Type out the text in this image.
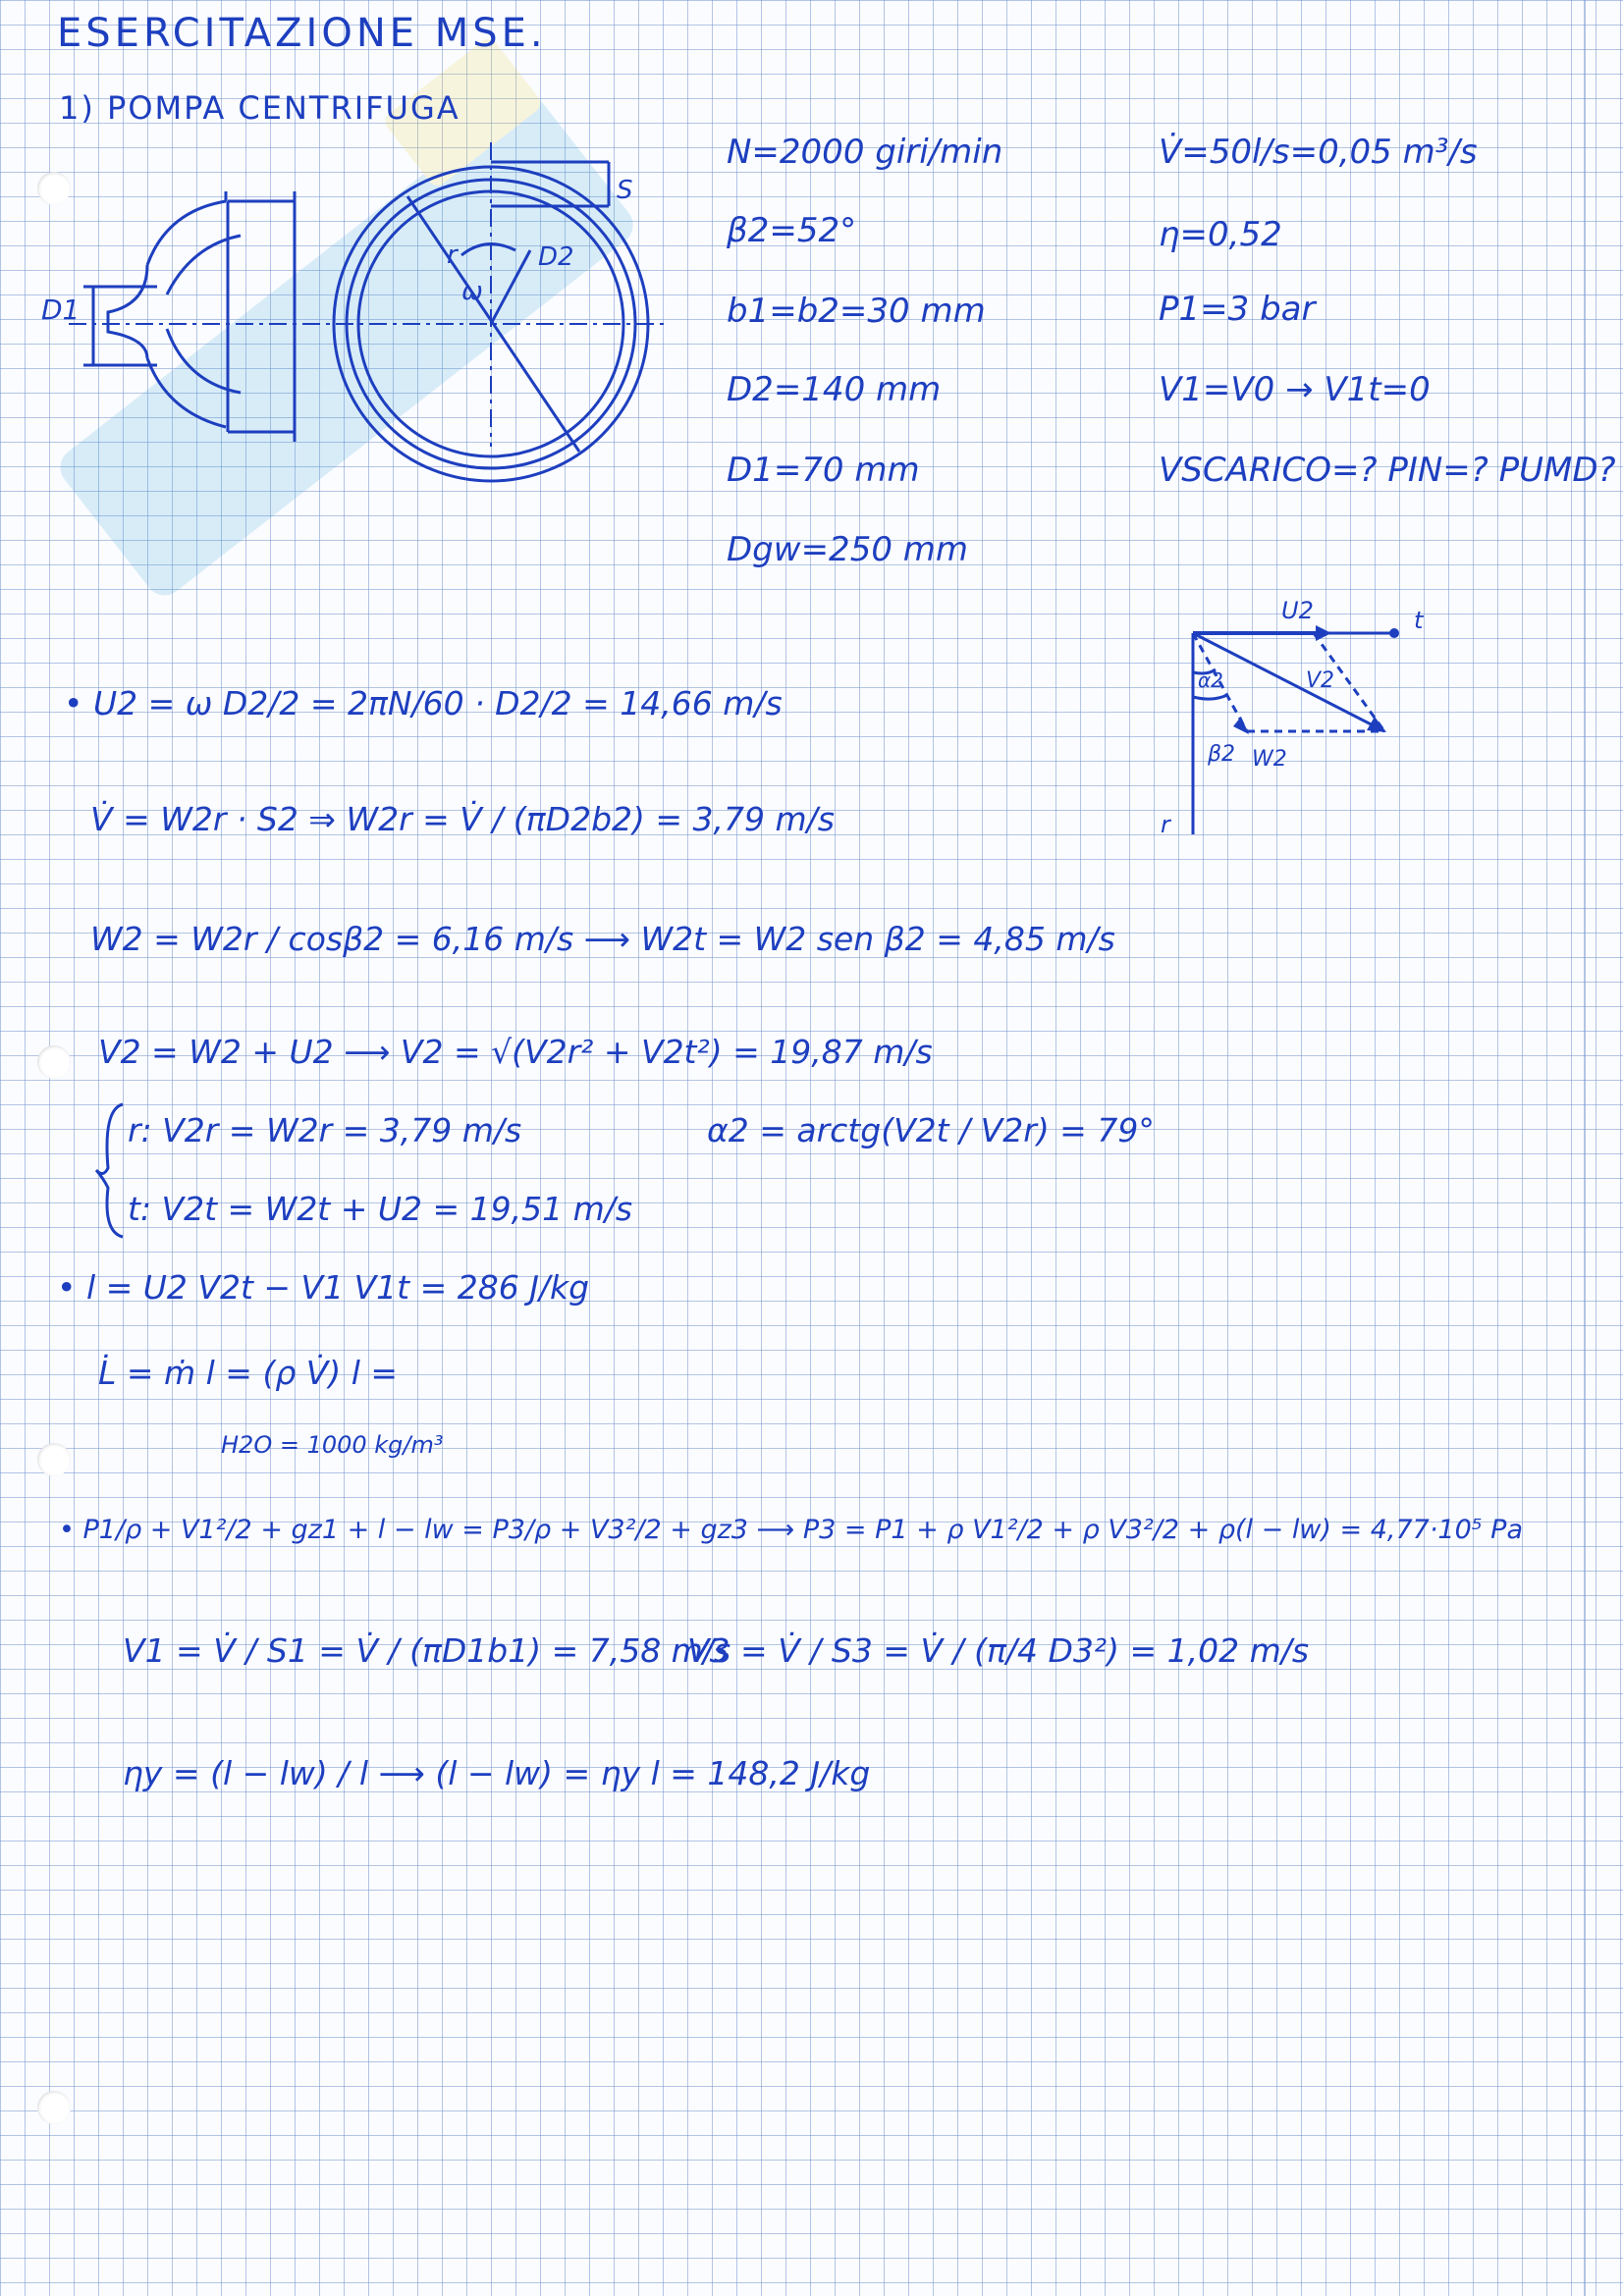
ESERCITAZIONE MSE.
1) POMPA CENTRIFUGA
D1
S
D2
r
ω
N=2000 giri/min
β2=52°
b1=b2=30 mm
D2=140 mm
D1=70 mm
Dgw=250 mm
V̇=50l/s=0,05 m³/s
η=0,52
P1=3 bar
V1=V0 → V1t=0
VSCARICO=? PIN=? PUMD?
U2	t
V2
α2
β2 W2
r
• U2 = ω D2/2 = 2πN/60 · D2/2 = 14,66 m/s
V̇ = W2r · S2 ⇒ W2r = V̇ / (πD2b2) = 3,79 m/s
W2 = W2r / cosβ2 = 6,16 m/s ⟶ W2t = W2 sen β2 = 4,85 m/s
V2 = W2 + U2 ⟶ V2 = √(V2r² + V2t²) = 19,87 m/s
r: V2r = W2r = 3,79 m/s	α2 = arctg(V2t / V2r) = 79°
t: V2t = W2t + U2 = 19,51 m/s
• l = U2 V2t − V1 V1t = 286 J/kg
L̇ = ṁ l = (ρ V̇) l =
H2O = 1000 kg/m³
• P1/ρ + V1²/2 + gz1 + l − lw = P3/ρ + V3²/2 + gz3 ⟶ P3 = P1 + ρ V1²/2 + ρ V3²/2 + ρ(l − lw) = 4,77·10⁵ Pa
V1 = V̇ / S1 = V̇ / (πD1b1) = 7,58 m/s
V3 = V̇ / S3 = V̇ / (π/4 D3²) = 1,02 m/s
ηy = (l − lw) / l ⟶ (l − lw) = ηy l = 148,2 J/kg
